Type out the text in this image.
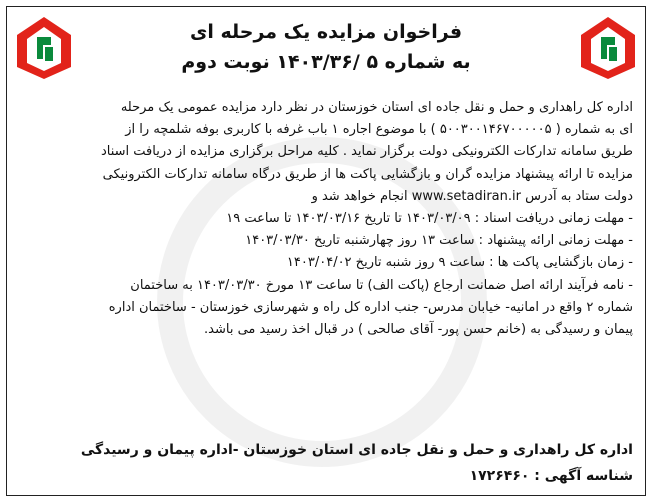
فراخوان مزایده یک مرحله ای
به شماره ۵ /۱۴۰۳/۳۶ نوبت دوم
اداره کل راهداری و حمل و نقل جاده ای استان خوزستان در نظر دارد مزایده عمومی یک مرحله
ای به شماره ( ۵۰۰۳۰۰۱۴۶۷۰۰۰۰۰۵ ) با موضوع اجاره ۱ باب غرفه با کاربری بوفه شلمچه را از
طریق سامانه تدارکات الکترونیکی دولت برگزار نماید . کلیه مراحل برگزاری مزایده از دریافت اسناد
مزایده تا ارائه پیشنهاد مزایده گران و بازگشایی پاکت ها از طریق درگاه سامانه تدارکات الکترونیکی
دولت ستاد به آدرس www.setadiran.ir انجام خواهد شد و
- مهلت زمانی دریافت اسناد : ۱۴۰۳/۰۳/۰۹ تا تاریخ ۱۴۰۳/۰۳/۱۶ تا ساعت ۱۹
- مهلت زمانی ارائه پیشنهاد : ساعت ۱۳ روز چهارشنبه تاریخ ۱۴۰۳/۰۳/۳۰
- زمان بازگشایی پاکت ها : ساعت ۹ روز شنبه تاریخ ۱۴۰۳/۰۴/۰۲
- نامه فرآیند ارائه اصل ضمانت ارجاع (پاکت الف) تا ساعت ۱۳ مورخ ۱۴۰۳/۰۳/۳۰ به ساختمان
شماره ۲ واقع در امانیه- خیابان مدرس- جنب اداره کل راه و شهرسازی خوزستان - ساختمان اداره
پیمان و رسیدگی به (خانم حسن پور- آقای صالحی ) در قبال اخذ رسید می باشد.
اداره کل راهداری و حمل و نقل جاده ای استان خوزستان -اداره پیمان و رسیدگی
شناسه آگهی : ۱۷۲۶۴۶۰
